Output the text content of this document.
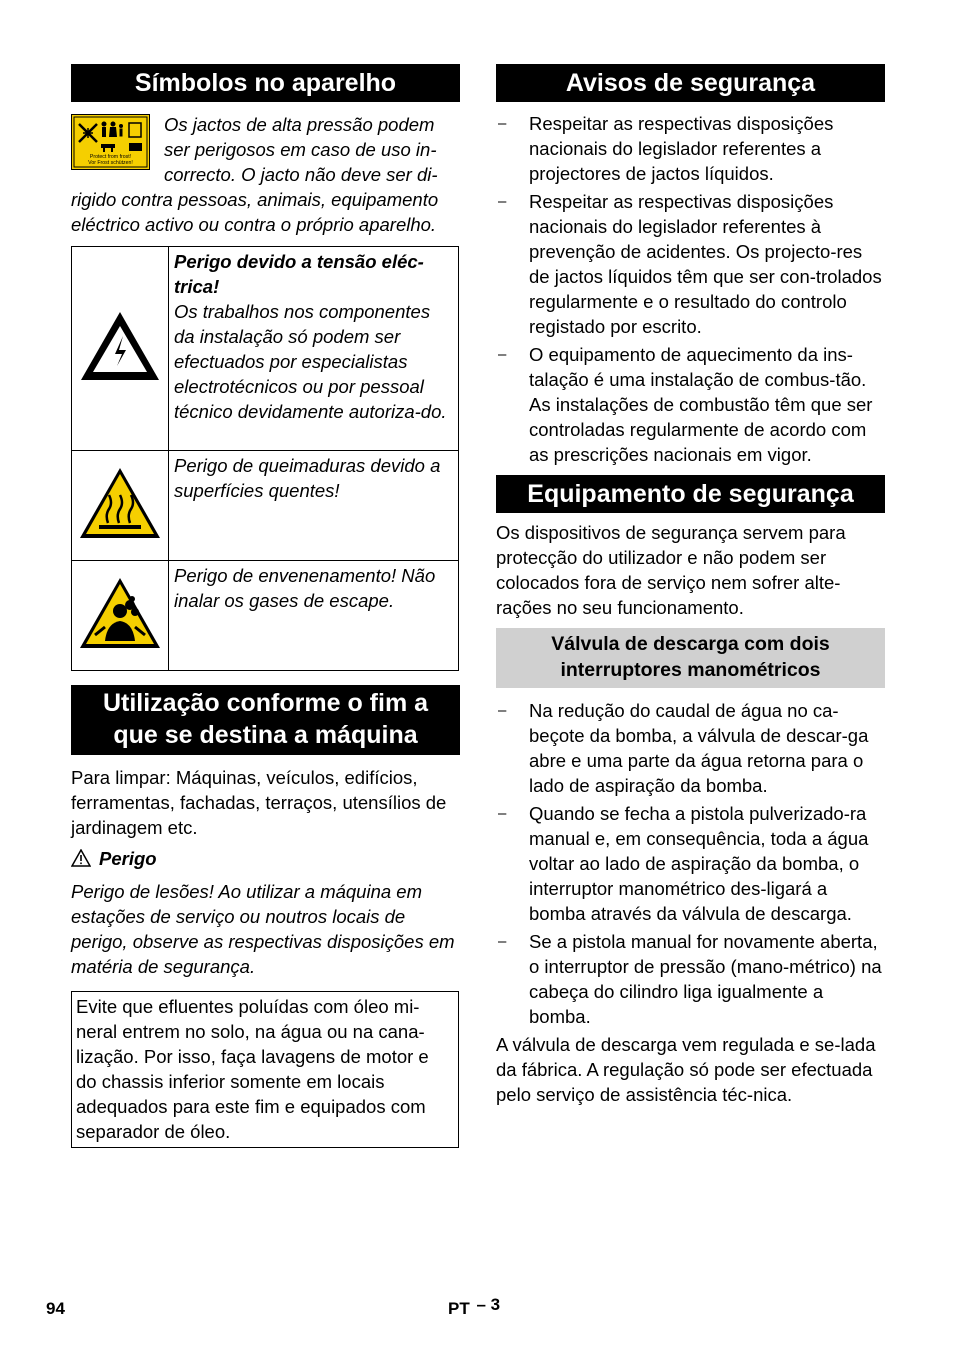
Símbolos no aparelho
Protect from frost!
Vor Frost schützen!

Os jactos de alta pressão podem ser perigosos em caso de uso in-correcto. O jacto não deve ser di-rigido contra pessoas, animais, equipamento eléctrico activo ou contra o próprio aparelho.

Perigo devido a tensão eléc-trica!
Os trabalhos nos componentes da instalação só podem ser efectuados por especialistas electrotécnicos ou por pessoal técnico devidamente autoriza-do.

	Perigo de queimaduras devido a superfícies quentes!
	Perigo de envenenamento! Não inalar os gases de escape.
Utilização conforme o fim a que se destina a máquina

Para limpar: Máquinas, veículos, edifícios, ferramentas, fachadas, terraços, utensílios de jardinagem etc.

Perigo

Perigo de lesões! Ao utilizar a máquina em estações de serviço ou noutros locais de perigo, observe as respectivas disposições em matéria de segurança.

Evite que efluentes poluídas com óleo mi-neral entrem no solo, na água ou na cana-lização. Por isso, faça lavagens de motor e do chassis inferior somente em locais adequados para este fim e equipados com separador de óleo.
Avisos de segurança
– Respeitar as respectivas disposições nacionais do legislador referentes a projectores de jactos líquidos.
– Respeitar as respectivas disposições nacionais do legislador referentes à prevenção de acidentes. Os projecto-res de jactos líquidos têm que ser con-trolados regularmente e o resultado do controlo registado por escrito.
– O equipamento de aquecimento da ins-talação é uma instalação de combus-tão. As instalações de combustão têm que ser controladas regularmente de acordo com as prescrições nacionais em vigor.
Equipamento de segurança

Os dispositivos de segurança servem para protecção do utilizador e não podem ser colocados fora de serviço nem sofrer alte-rações no seu funcionamento.

Válvula de descarga com dois interruptores manométricos
– Na redução do caudal de água no ca-beçote da bomba, a válvula de descar-ga abre e uma parte da água retorna para o lado de aspiração da bomba.
– Quando se fecha a pistola pulverizado-ra manual e, em consequência, toda a água voltar ao lado de aspiração da bomba, o interruptor manométrico des-ligará a bomba através da válvula de descarga.
– Se a pistola manual for novamente aberta, o interruptor de pressão (mano-métrico) na cabeça do cilindro liga igualmente a bomba.

A válvula de descarga vem regulada e se-lada da fábrica. A regulação só pode ser efectuada pelo serviço de assistência téc-nica.

94	PT – 3
